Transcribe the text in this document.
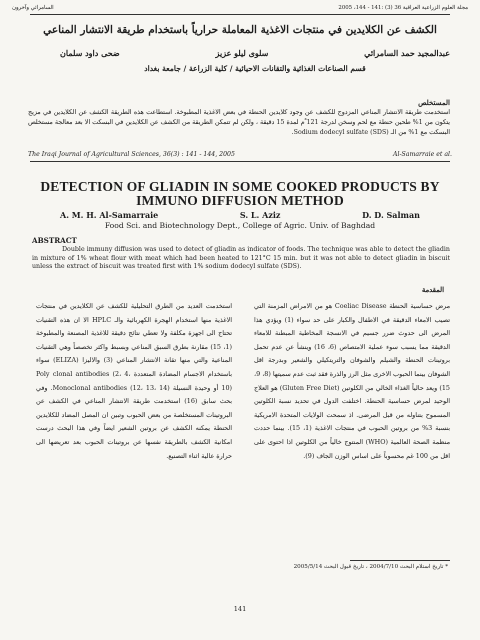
السامرائي وآخرون	مجلة العلوم الزراعية العراقية 36 (3) :141 - 144، 2005
الكشف عن الكلايدين في منتجات الاغذية المعاملة حرارياً باستخدام طريقة الانتشار المناعي
عبدالمجيد حمد السامرائي
سلوى ليلو عزيز
ضحى داود سلمان
قسم الصناعات الغذائية والتقانات الاحيائية / كلية الزراعة / جامعة بغداد
المستخلص
استخدمت طريقة الانتشار المناعي المزدوج للكشف عن وجود كلايدين الحنطة في بعض الاغذية المطبوخة. استطاعت هذه الطريقة الكشف عن الكلايدين في مزيج يتكون من 1% طحين حنطة مع لحم وسخن لدرجة 121 ْم لمدة 15 دقيقة ، ولكن لم تتمكن الطريقة من الكشف عن الكلايدين في البسكت الا بعد معالجة مستخلص البسكت مع 1% من الـ (SDS) Sodium dodecyl sulfate.
The Iraqi Journal of Agricultural Sciences, 36(3) : 141 - 144, 2005	Al-Samarraie et al.
DETECTION OF GLIADIN IN SOME COOKED PRODUCTS BY IMMUNO DIFFUSION METHOD
A. M. H. Al-Samarraie	S. L. Aziz	D. D. Salman
Food Sci. and Biotechnology Dept., College of Agric. Univ. of Baghdad
ABSTRACT
Double immuny diffusion was used to detect of gliadin as indicator of foods. The technique was able to detect the gliadin in mixture of 1% wheat flour with meat which had been heated to 121°C 15 min. but it was not able to detect gliadin in biscuit unless the extract of biscuit was treated first with 1% sodium dodecyl sulfate (SDS).
المقدمة
مرض حساسية الحنطة Coeliac Disease هو من الامراض المزمنة التي تصيب الامعاء الدقيقة في الاطفال والكبار على حد سواء (1) ويؤدي هذا المرض الى حدوث ضرر جسيم في الانسجة المخاطية المبطنة للامعاء الدقيقة مما يسبب سوء عملية الامتصاص (6، 16) وينشأ عن عدم تحمل بروتينات الحنطة والشيلم والشوفان والتريتكيلي والشعير وبدرجة اقل الشوفان بينما الحبوب الاخرى مثل الرز والذرة فقد ثبت عدم سميتها (8، 9، 15) ويعد حالياً الغذاء الخالي من الكلوتين (Gluten Free Diet) هو العلاج الوحيد لمرض حساسية الحنطة. اختلفت الدول في تحديد نسبة الكلوتين المسموح بتناوله من قبل المرضى. اذ سمحت الولايات المتحدة الامريكية بنسبة 3% من بروتين الحبوب في منتجات الاغذية (1، 15). بينما حددت منظمة الصحة العالمية (WHO) المنتوج خالياً من الكلوتين اذا احتوى على اقل من 100 غم محسوباً على اساس الوزن الجاف (9).
استخدمت العديد من الطرق التحليلية للكشف عن الكلايدين في منتجات الاغذية منها استخدام الهجرة الكهربائية والـ HPLC الا ان هذه التقنيات تحتاج الى اجهزة مكلفة ولا تعطي نتائج دقيقة للاغذية المصنعة والمطبوخة (1، 15) مقارنة بطرق السبق المناعي وبسبط واكثر تخصصاً وهي التقنيات المناعية والتي منها تقانة الانتشار المناعي (3) والاليزا (ELIZA) سواء باستخدام الاجسام المضادة المتعددة Poly clonal antibodies (2، 4، 10) أو وحيدة النسيلة Monoclonal antibodies (12، 13، 14). وفي بحث سابق (16) استخدمت طريقة الانتشار المناعي في الكشف عن البروتينات المستخلصة من بعض الحبوب وتبين ان المصل المضاد للكلايدين الحنطة يمكنه الكشف عن بروتين الشعير ايضاً وفي هذا البحث درست امكانية الكشف بالطريقة نفسها عن بروتينات الحبوب بعد تعريضها الى حرارة عالية اثناء التصنيع.
* تاريخ استلام البحث 2004/7/10 ، تاريخ قبول البحث 2005/5/14
141
